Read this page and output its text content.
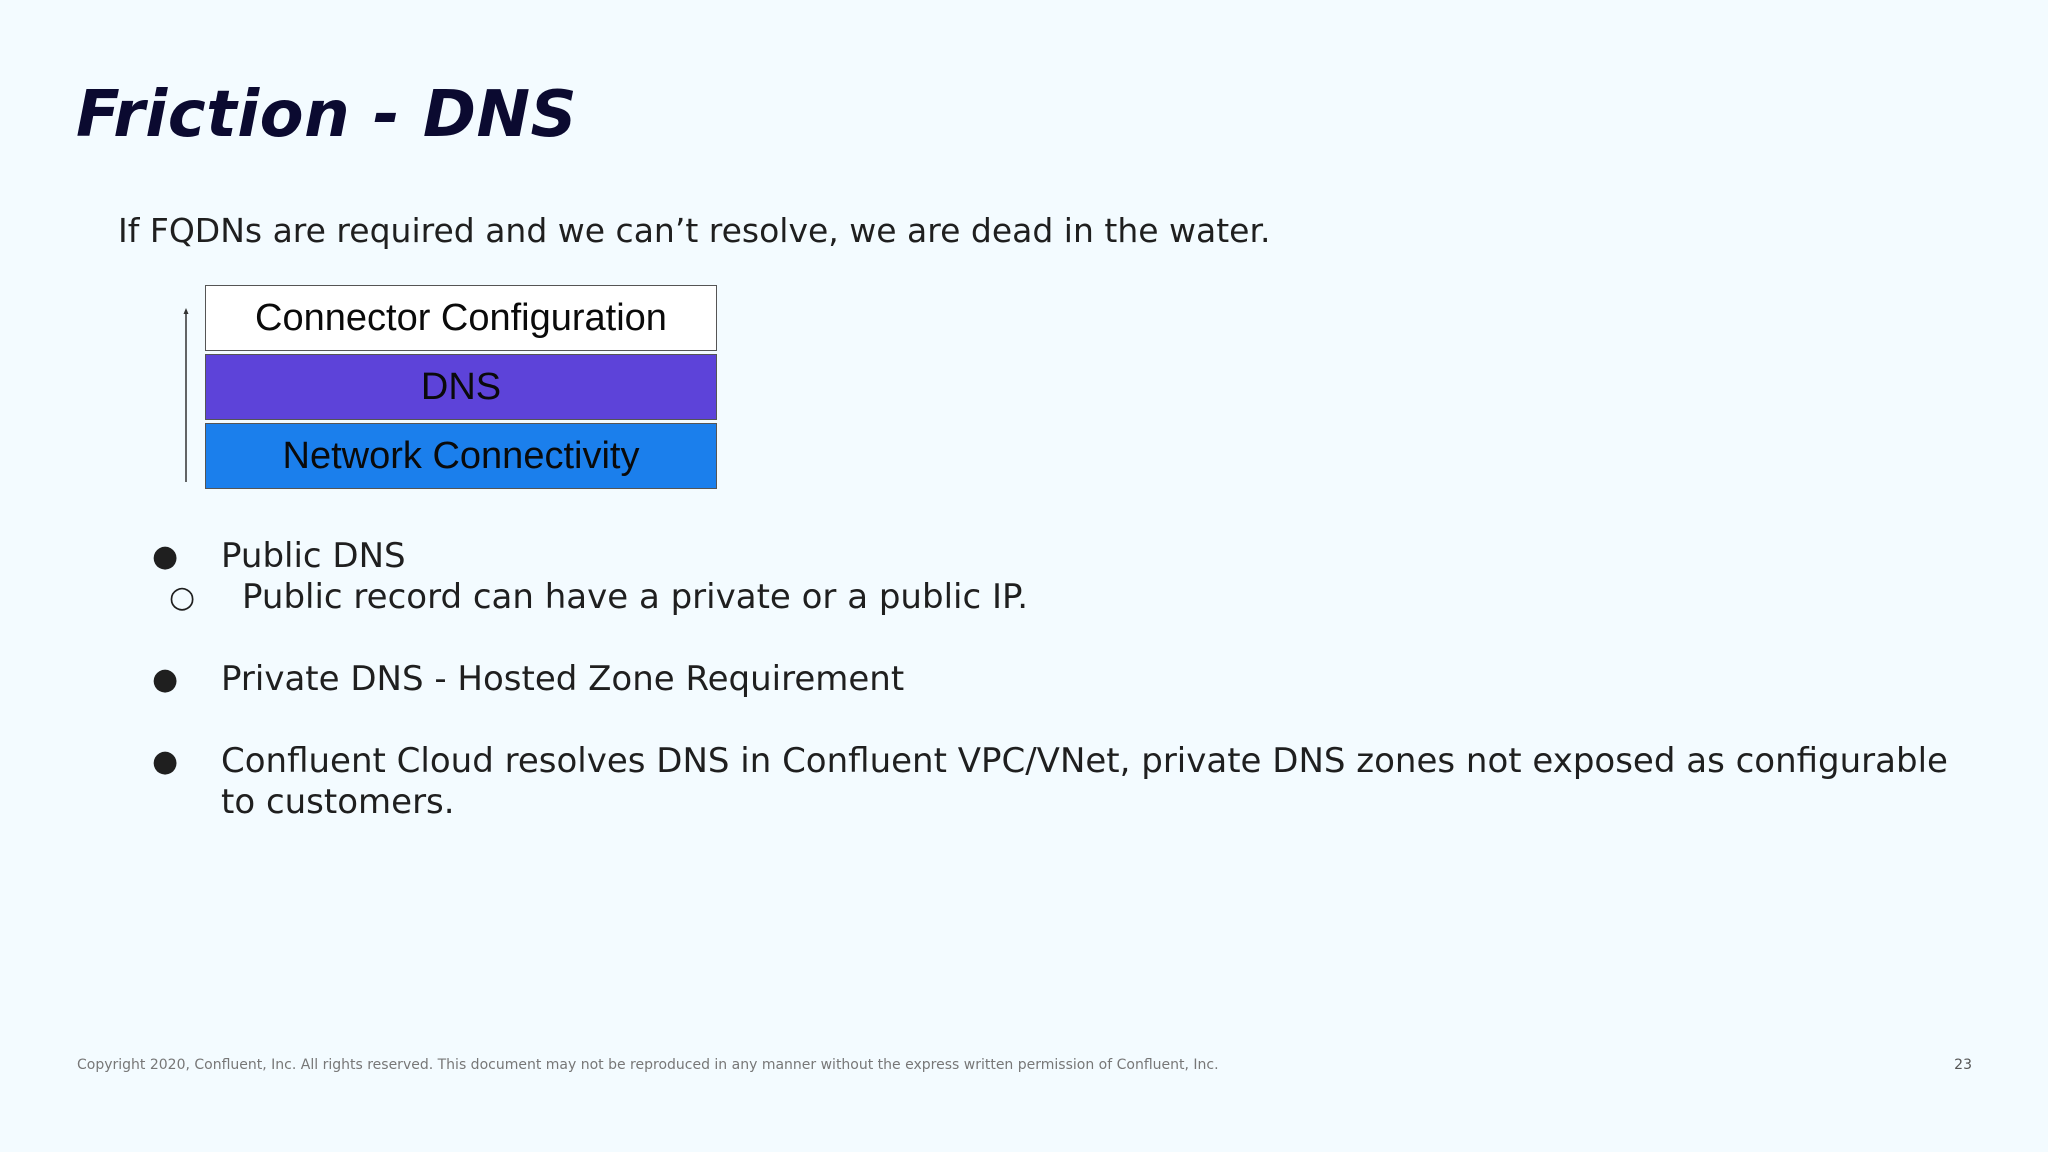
Friction - DNS
If FQDNs are required and we can’t resolve, we are dead in the water.
Connector Configuration
DNS
Network Connectivity
● Public DNS
○ Public record can have a private or a public IP.
● Private DNS - Hosted Zone Requirement
● Confluent Cloud resolves DNS in Confluent VPC/VNet, private DNS zones not exposed as configurable to customers.
Copyright 2020, Confluent, Inc. All rights reserved. This document may not be reproduced in any manner without the express written permission of Confluent, Inc.	23
